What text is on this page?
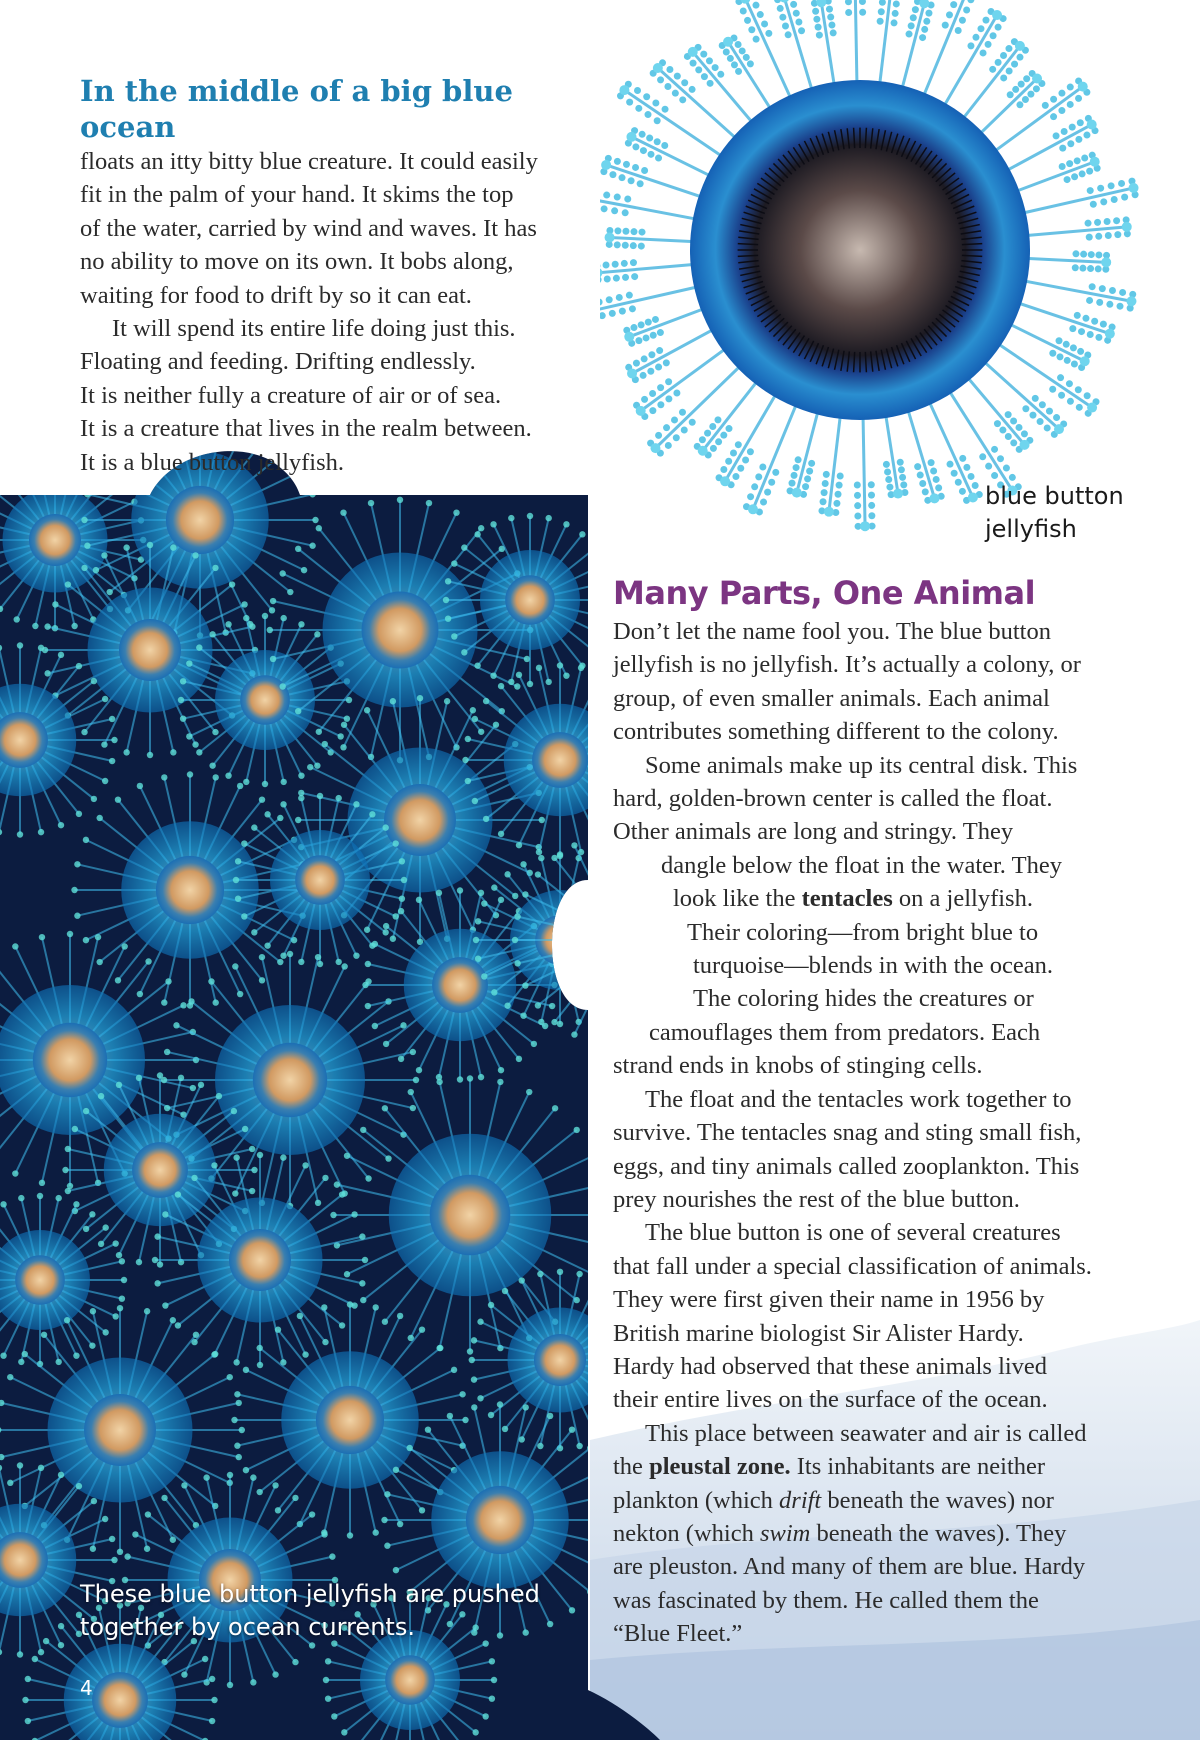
In the middle of a big blue ocean
floats an itty bitty blue creature. It could easily
fit in the palm of your hand. It skims the top
of the water, carried by wind and waves. It has
no ability to move on its own. It bobs along,
waiting for food to drift by so it can eat.
It will spend its entire life doing just this.
Floating and feeding. Drifting endlessly.
It is neither fully a creature of air or of sea.
It is a creature that lives in the realm between.
It is a blue button jellyfish.
blue button
jellyfish
Many Parts, One Animal
Don’t let the name fool you. The blue button
jellyfish is no jellyfish. It’s actually a colony, or
group, of even smaller animals. Each animal
contributes something different to the colony.
Some animals make up its central disk. This
hard, golden-brown center is called the float.
Other animals are long and stringy. They
dangle below the float in the water. They
look like the tentacles on a jellyfish.
Their coloring—from bright blue to
turquoise—blends in with the ocean.
The coloring hides the creatures or
camouflages them from predators. Each
strand ends in knobs of stinging cells.
The float and the tentacles work together to
survive. The tentacles snag and sting small fish,
eggs, and tiny animals called zooplankton. This
prey nourishes the rest of the blue button.
The blue button is one of several creatures
that fall under a special classification of animals.
They were first given their name in 1956 by
British marine biologist Sir Alister Hardy.
Hardy had observed that these animals lived
their entire lives on the surface of the ocean.
This place between seawater and air is called
the pleustal zone. Its inhabitants are neither
plankton (which drift beneath the waves) nor
nekton (which swim beneath the waves). They
are pleuston. And many of them are blue. Hardy
was fascinated by them. He called them the
“Blue Fleet.”
These blue button jellyfish are pushed
together by ocean currents.
4
